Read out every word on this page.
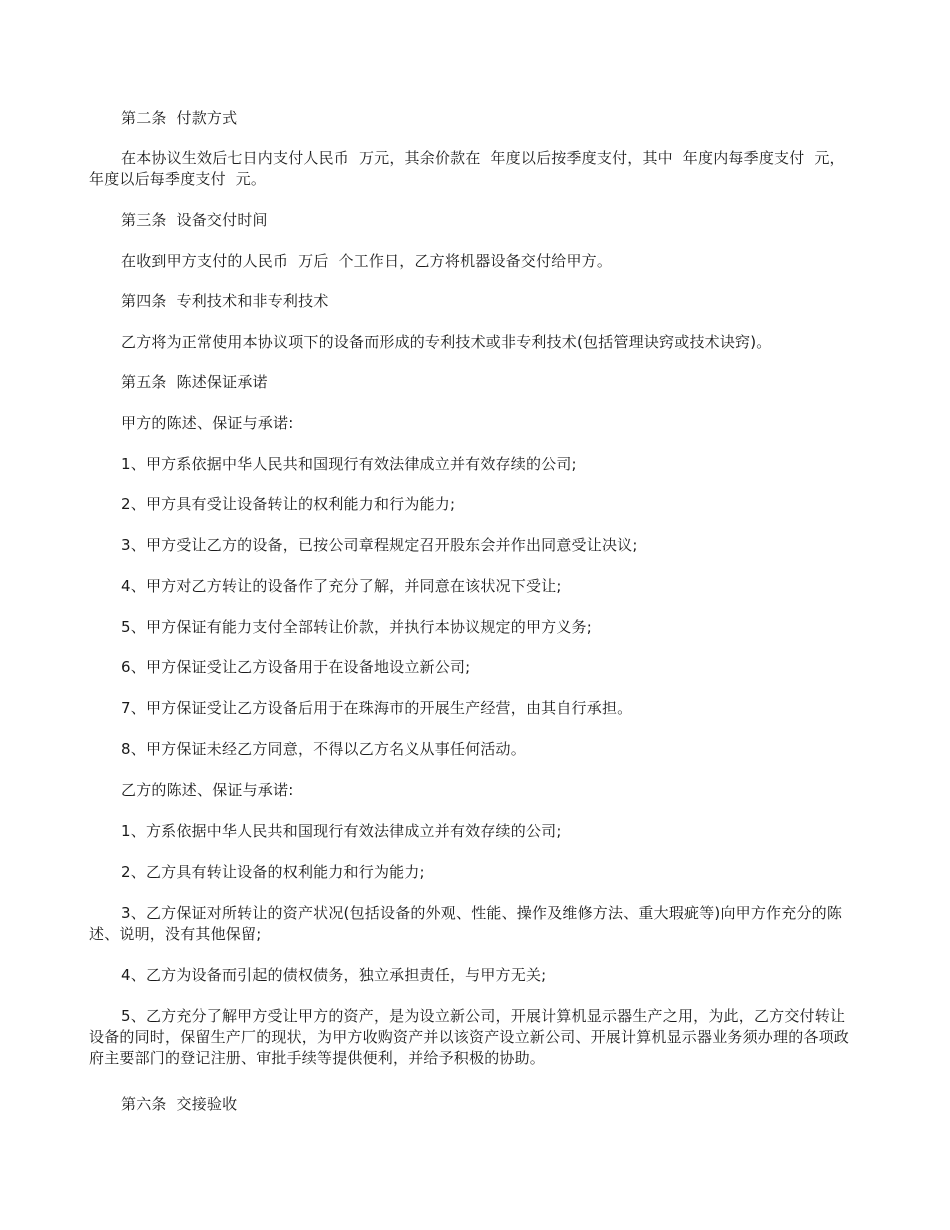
第二条  付款方式

在本协议生效后七日内支付人民币  万元，其余价款在  年度以后按季度支付，其中  年度内每季度支付  元，  年度以后每季度支付  元。

第三条  设备交付时间

在收到甲方支付的人民币  万后  个工作日，乙方将机器设备交付给甲方。

第四条  专利技术和非专利技术

乙方将为正常使用本协议项下的设备而形成的专利技术或非专利技术(包括管理诀窍或技术诀窍)。

第五条  陈述保证承诺

甲方的陈述、保证与承诺:

1、甲方系依据中华人民共和国现行有效法律成立并有效存续的公司;

2、甲方具有受让设备转让的权利能力和行为能力;

3、甲方受让乙方的设备，已按公司章程规定召开股东会并作出同意受让决议;

4、甲方对乙方转让的设备作了充分了解，并同意在该状况下受让;

5、甲方保证有能力支付全部转让价款，并执行本协议规定的甲方义务;

6、甲方保证受让乙方设备用于在设备地设立新公司;

7、甲方保证受让乙方设备后用于在珠海市的开展生产经营，由其自行承担。

8、甲方保证未经乙方同意，不得以乙方名义从事任何活动。

乙方的陈述、保证与承诺:

1、方系依据中华人民共和国现行有效法律成立并有效存续的公司;

2、乙方具有转让设备的权利能力和行为能力;

3、乙方保证对所转让的资产状况(包括设备的外观、性能、操作及维修方法、重大瑕疵等)向甲方作充分的陈述、说明，没有其他保留;

4、乙方为设备而引起的债权债务，独立承担责任，与甲方无关;

5、乙方充分了解甲方受让甲方的资产，是为设立新公司，开展计算机显示器生产之用，为此，乙方交付转让设备的同时，保留生产厂的现状，为甲方收购资产并以该资产设立新公司、开展计算机显示器业务须办理的各项政府主要部门的登记注册、审批手续等提供便利，并给予积极的协助。

第六条  交接验收
